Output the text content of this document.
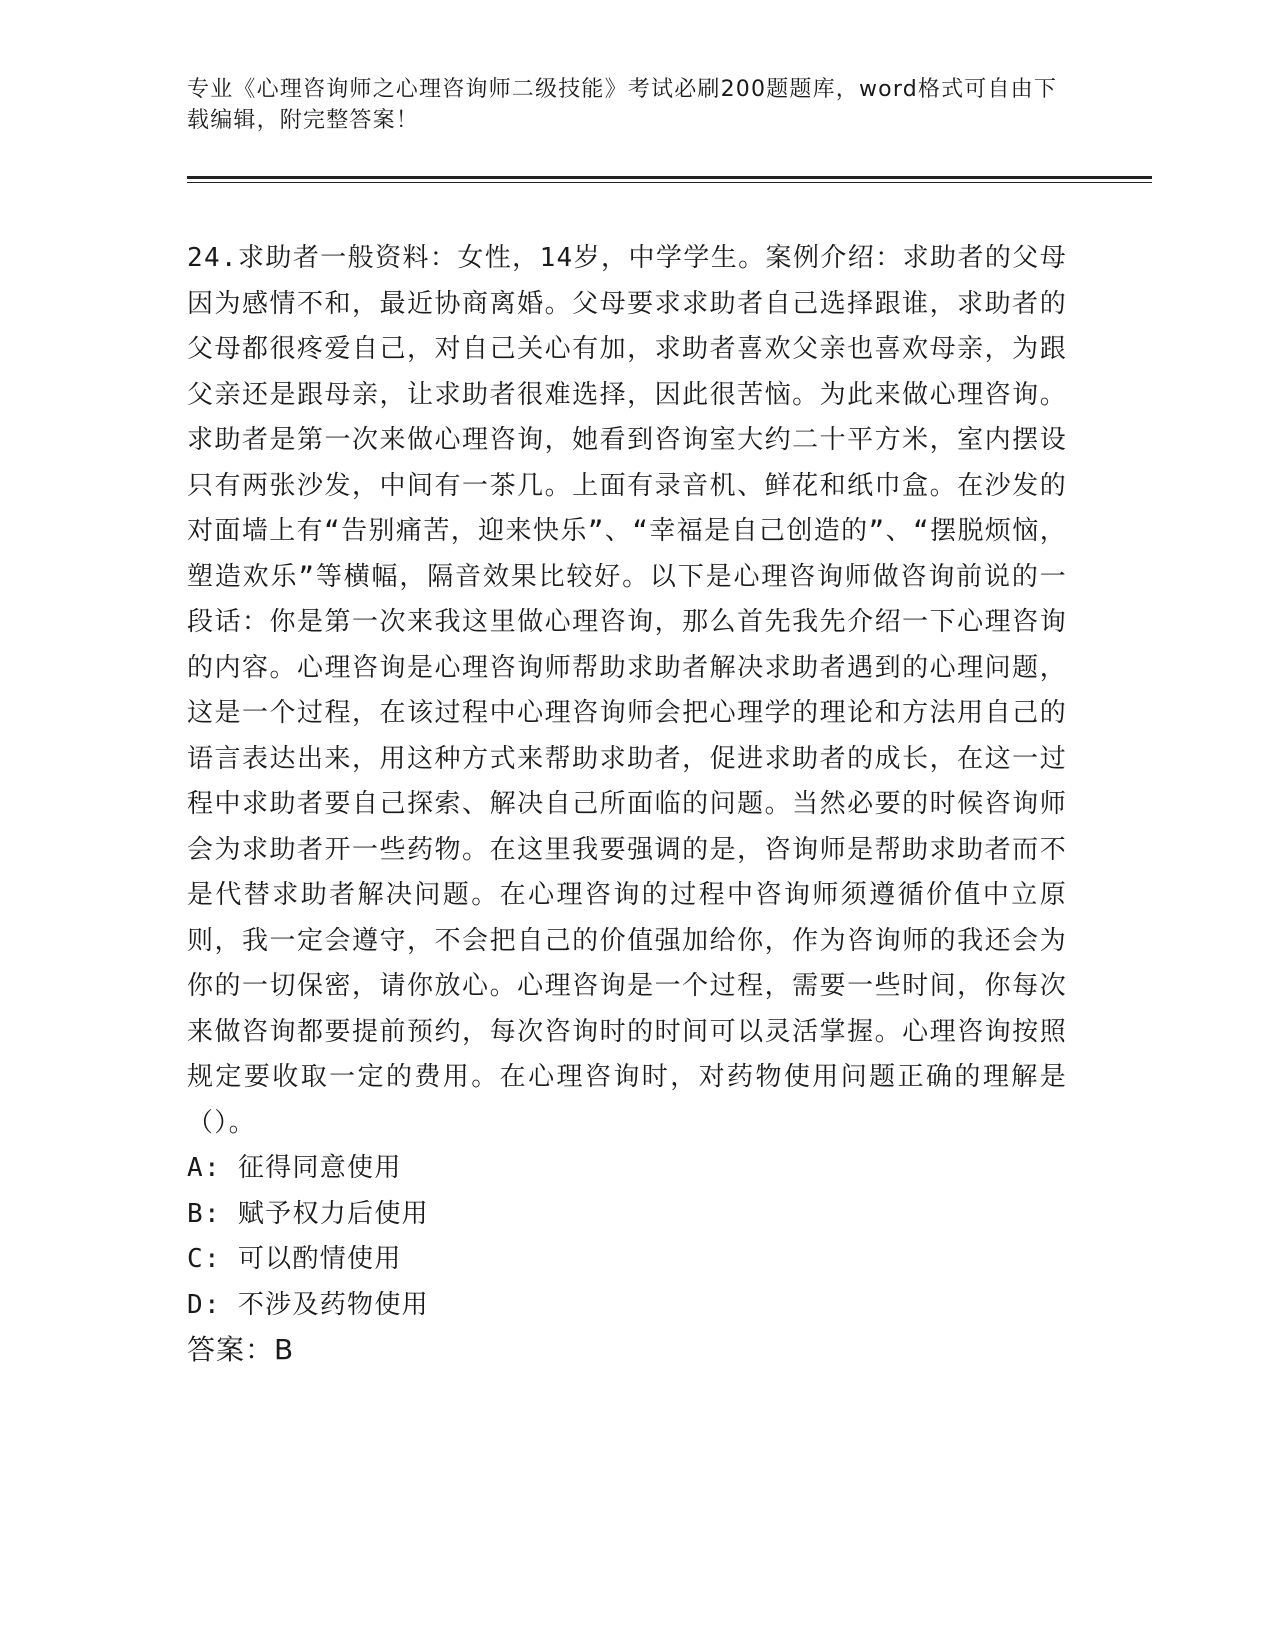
专业《心理咨询师之心理咨询师二级技能》考试必刷200题题库，word格式可自由下载编辑，附完整答案！

24.求助者一般资料：女性，14岁，中学学生。案例介绍：求助者的父母因为感情不和，最近协商离婚。父母要求求助者自己选择跟谁，求助者的父母都很疼爱自己，对自己关心有加，求助者喜欢父亲也喜欢母亲，为跟父亲还是跟母亲，让求助者很难选择，因此很苦恼。为此来做心理咨询。求助者是第一次来做心理咨询，她看到咨询室大约二十平方米，室内摆设只有两张沙发，中间有一茶几。上面有录音机、鲜花和纸巾盒。在沙发的对面墙上有“告别痛苦，迎来快乐”、“幸福是自己创造的”、“摆脱烦恼，塑造欢乐”等横幅，隔音效果比较好。以下是心理咨询师做咨询前说的一段话：你是第一次来我这里做心理咨询，那么首先我先介绍一下心理咨询的内容。心理咨询是心理咨询师帮助求助者解决求助者遇到的心理问题，这是一个过程，在该过程中心理咨询师会把心理学的理论和方法用自己的语言表达出来，用这种方式来帮助求助者，促进求助者的成长，在这一过程中求助者要自己探索、解决自己所面临的问题。当然必要的时候咨询师会为求助者开一些药物。在这里我要强调的是，咨询师是帮助求助者而不是代替求助者解决问题。在心理咨询的过程中咨询师须遵循价值中立原则，我一定会遵守，不会把自己的价值强加给你，作为咨询师的我还会为你的一切保密，请你放心。心理咨询是一个过程，需要一些时间，你每次来做咨询都要提前预约，每次咨询时的时间可以灵活掌握。心理咨询按照规定要收取一定的费用。在心理咨询时，对药物使用问题正确的理解是（）。

A: 征得同意使用

B: 赋予权力后使用

C: 可以酌情使用

D: 不涉及药物使用

答案：B
